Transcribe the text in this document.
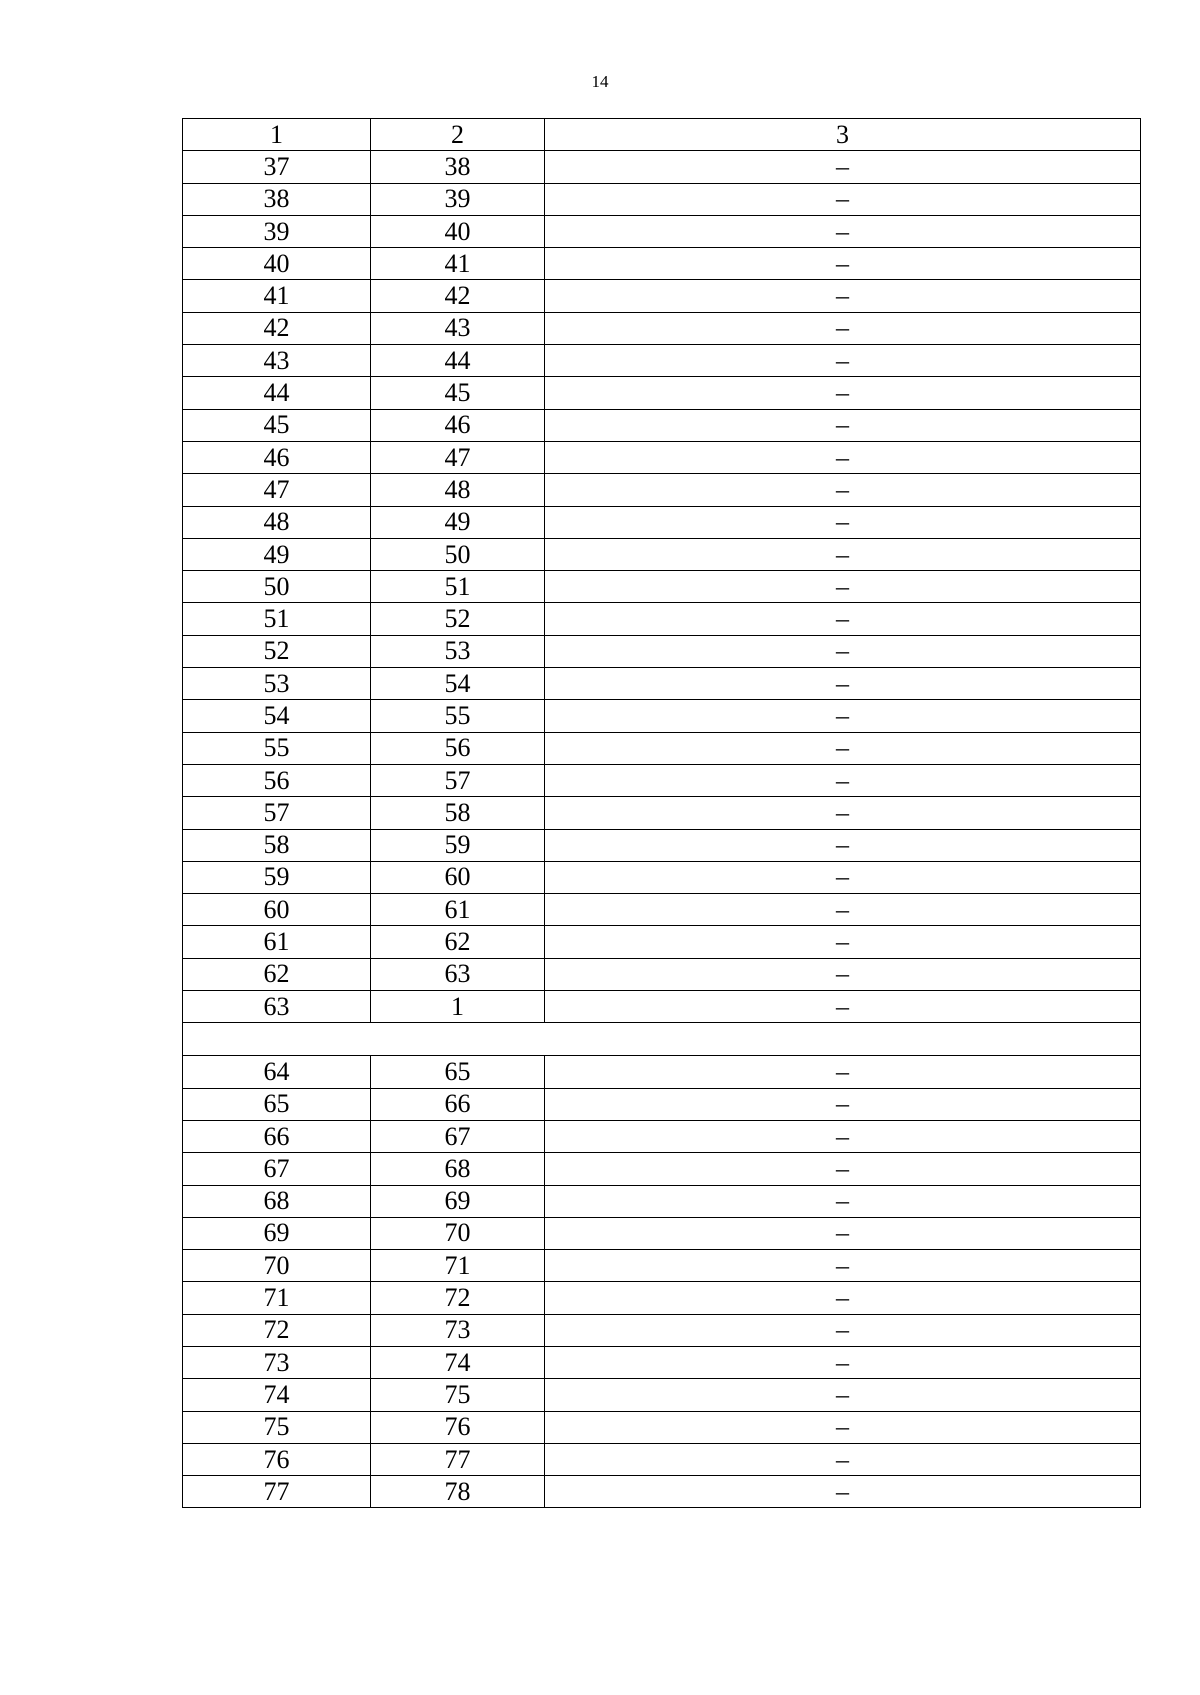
14
1	2	3
37	38	–
38	39	–
39	40	–
40	41	–
41	42	–
42	43	–
43	44	–
44	45	–
45	46	–
46	47	–
47	48	–
48	49	–
49	50	–
50	51	–
51	52	–
52	53	–
53	54	–
54	55	–
55	56	–
56	57	–
57	58	–
58	59	–
59	60	–
60	61	–
61	62	–
62	63	–
63	1	–

64	65	–
65	66	–
66	67	–
67	68	–
68	69	–
69	70	–
70	71	–
71	72	–
72	73	–
73	74	–
74	75	–
75	76	–
76	77	–
77	78	–
